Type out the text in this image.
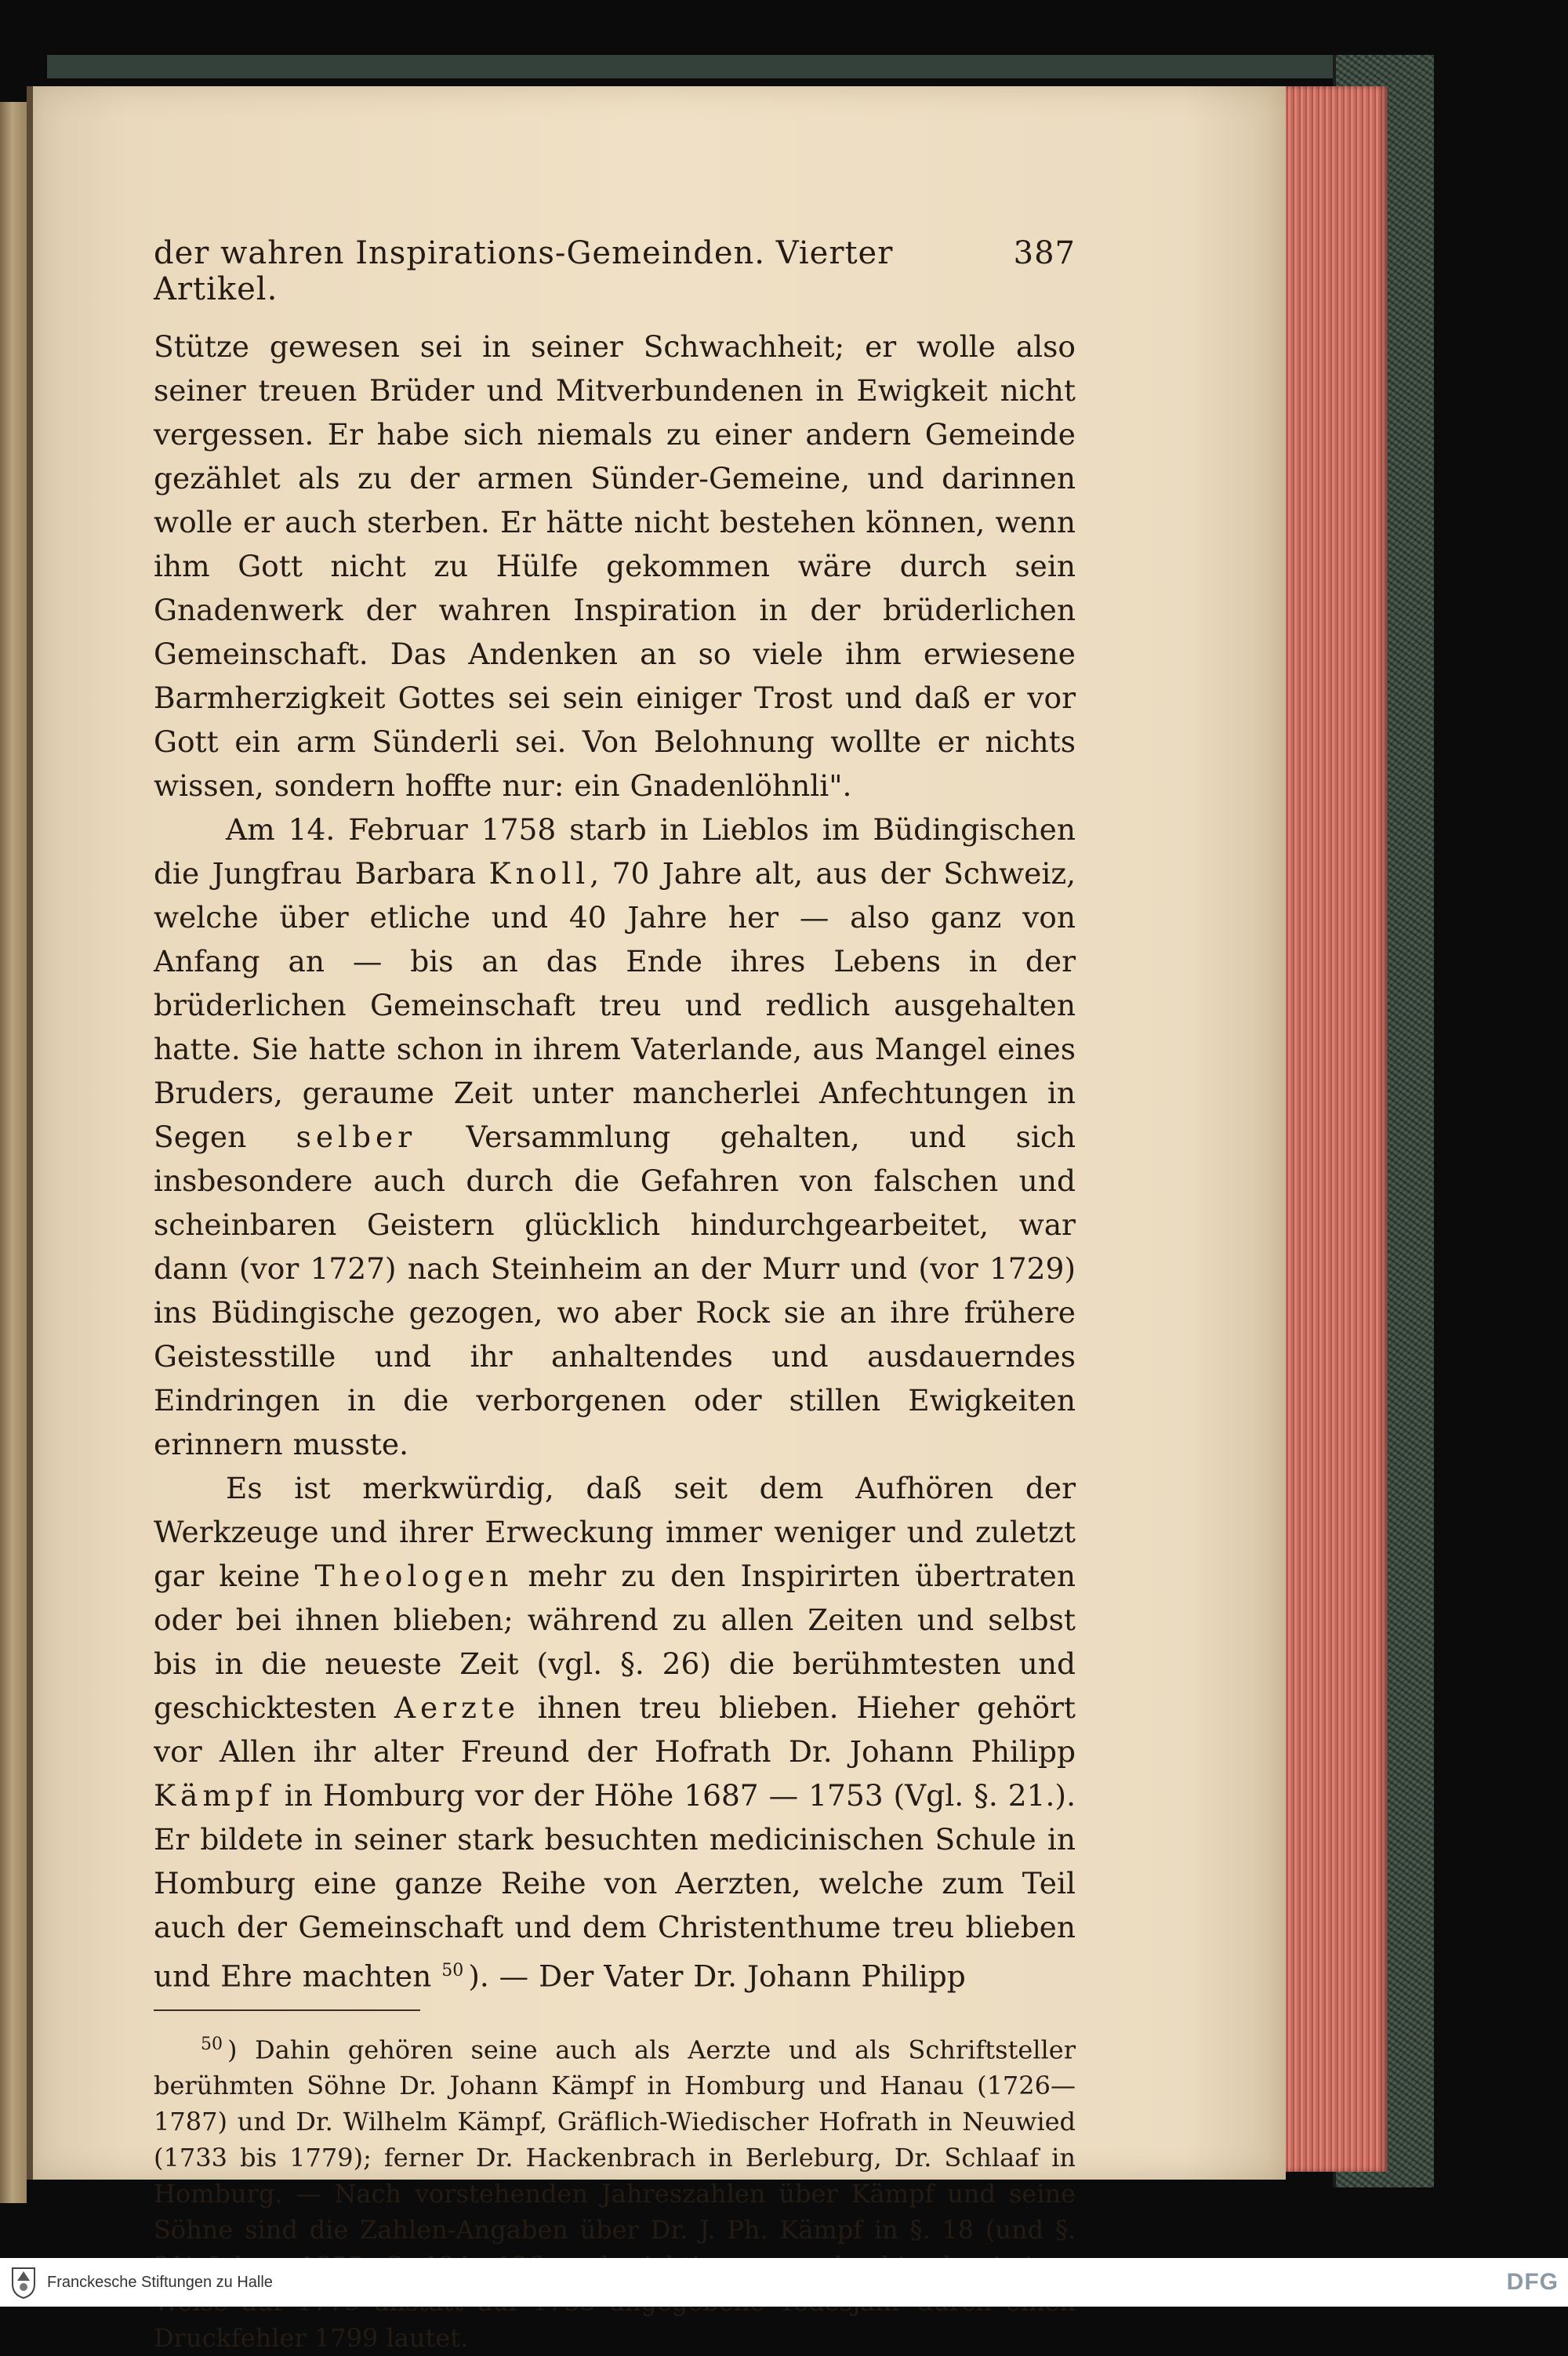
der wahren Inspirations-Gemeinden. Vierter Artikel.
387

Stütze gewesen sei in seiner Schwachheit; er wolle also seiner treuen Brüder und Mitverbundenen in Ewigkeit nicht vergessen. Er habe sich niemals zu einer andern Gemeinde gezählet als zu der armen Sünder-Gemeine, und darinnen wolle er auch sterben. Er hätte nicht bestehen können, wenn ihm Gott nicht zu Hülfe gekommen wäre durch sein Gnadenwerk der wahren Inspiration in der brüderlichen Gemeinschaft. Das Andenken an so viele ihm erwiesene Barmherzigkeit Gottes sei sein einiger Trost und daß er vor Gott ein arm Sünderli sei. Von Belohnung wollte er nichts wissen, sondern hoffte nur: ein Gnadenlöhnli".

Am 14. Februar 1758 starb in Lieblos im Büdingischen die Jungfrau Barbara Knoll, 70 Jahre alt, aus der Schweiz, welche über etliche und 40 Jahre her — also ganz von Anfang an — bis an das Ende ihres Lebens in der brüderlichen Gemeinschaft treu und redlich ausgehalten hatte. Sie hatte schon in ihrem Vaterlande, aus Mangel eines Bruders, geraume Zeit unter mancherlei Anfechtungen in Segen selber Versammlung gehalten, und sich insbesondere auch durch die Gefahren von falschen und scheinbaren Geistern glücklich hindurchgearbeitet, war dann (vor 1727) nach Steinheim an der Murr und (vor 1729) ins Büdingische gezogen, wo aber Rock sie an ihre frühere Geistesstille und ihr anhaltendes und ausdauerndes Eindringen in die verborgenen oder stillen Ewigkeiten erinnern musste.

Es ist merkwürdig, daß seit dem Aufhören der Werkzeuge und ihrer Erweckung immer weniger und zuletzt gar keine Theologen mehr zu den Inspirirten übertraten oder bei ihnen blieben; während zu allen Zeiten und selbst bis in die neueste Zeit (vgl. §. 26) die berühmtesten und geschicktesten Aerzte ihnen treu blieben. Hieher gehört vor Allen ihr alter Freund der Hofrath Dr. Johann Philipp Kämpf in Homburg vor der Höhe 1687 — 1753 (Vgl. §. 21.). Er bildete in seiner stark besuchten medicinischen Schule in Homburg eine ganze Reihe von Aerzten, welche zum Teil auch der Gemeinschaft und dem Christenthume treu blieben und Ehre machten $^{50}$ ). — Der Vater Dr. Johann Philipp

$^{50}$ ) Dahin gehören seine auch als Aerzte und als Schriftsteller berühmten Söhne Dr. Johann Kämpf in Homburg und Hanau (1726—1787) und Dr. Wilhelm Kämpf, Gräflich-Wiedischer Hofrath in Neuwied (1733 bis 1779); ferner Dr. Hackenbrach in Berleburg, Dr. Schlaaf in Homburg. — Nach vorstehenden Jahreszahlen über Kämpf und seine Söhne sind die Zahlen-Angaben über Dr. J. Ph. Kämpf in §. 18 (und §. Druckfehler 1799 lautet.

Franckesche Stiftungen zu Halle	DFG
